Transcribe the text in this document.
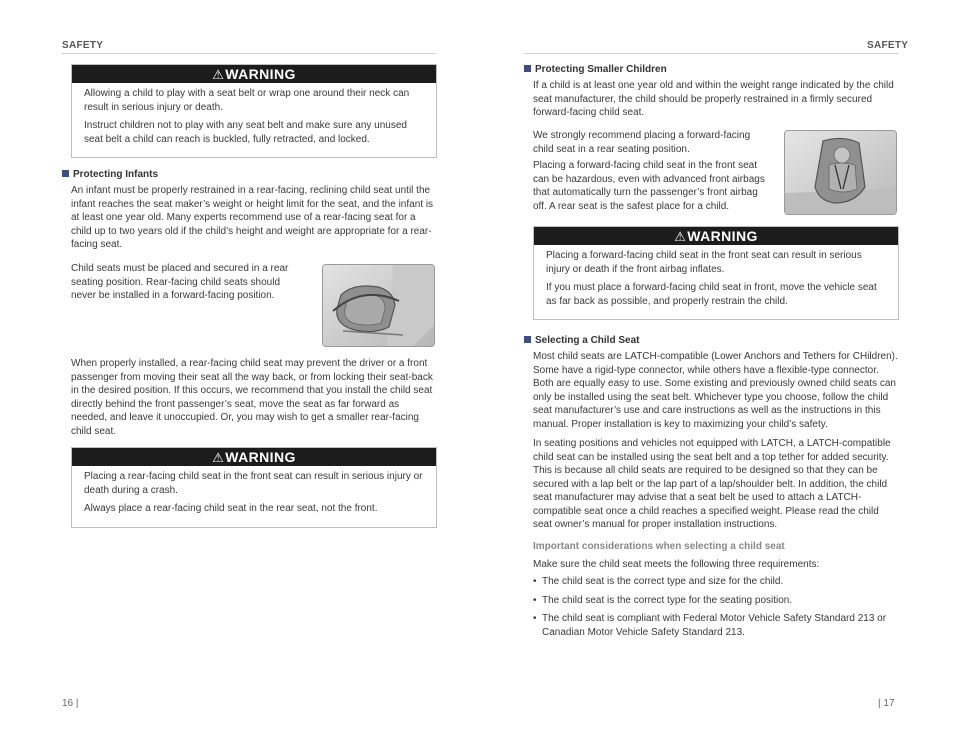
SAFETY
⚠WARNING

Allowing a child to play with a seat belt or wrap one around their neck can result in serious injury or death.

Instruct children not to play with any seat belt and make sure any unused seat belt a child can reach is buckled, fully retracted, and locked.

Protecting Infants

An infant must be properly restrained in a rear-facing, reclining child seat until the infant reaches the seat maker’s weight or height limit for the seat, and the infant is at least one year old. Many experts recommend use of a rear-facing seat for a child up to two years old if the child’s height and weight are appropriate for a rear-facing seat.

Child seats must be placed and secured in a rear seating position. Rear-facing child seats should never be installed in a forward-facing position.

When properly installed, a rear-facing child seat may prevent the driver or a front passenger from moving their seat all the way back, or from locking their seat-back in the desired position. If this occurs, we recommend that you install the child seat directly behind the front passenger’s seat, move the seat as far forward as needed, and leave it unoccupied. Or, you may wish to get a smaller rear-facing child seat.

⚠WARNING

Placing a rear-facing child seat in the front seat can result in serious injury or death during a crash.

Always place a rear-facing child seat in the rear seat, not the front.

16 |
SAFETY
Protecting Smaller Children

If a child is at least one year old and within the weight range indicated by the child seat manufacturer, the child should be properly restrained in a firmly secured forward-facing child seat.

We strongly recommend placing a forward-facing child seat in a rear seating position.

Placing a forward-facing child seat in the front seat can be hazardous, even with advanced front airbags that automatically turn the passenger’s front airbag off. A rear seat is the safest place for a child.

⚠WARNING

Placing a forward-facing child seat in the front seat can result in serious injury or death if the front airbag inflates.

If you must place a forward-facing child seat in front, move the vehicle seat as far back as possible, and properly restrain the child.

Selecting a Child Seat

Most child seats are LATCH-compatible (Lower Anchors and Tethers for CHildren). Some have a rigid-type connector, while others have a flexible-type connector. Both are equally easy to use. Some existing and previously owned child seats can only be installed using the seat belt. Whichever type you choose, follow the child seat manufacturer’s use and care instructions as well as the instructions in this manual. Proper installation is key to maximizing your child’s safety.

In seating positions and vehicles not equipped with LATCH, a LATCH-compatible child seat can be installed using the seat belt and a top tether for added security. This is because all child seats are required to be designed so that they can be secured with a lap belt or the lap part of a lap/shoulder belt. In addition, the child seat manufacturer may advise that a seat belt be used to attach a LATCH-compatible seat once a child reaches a specified weight. Please read the child seat owner’s manual for proper installation instructions.

Important considerations when selecting a child seat

Make sure the child seat meets the following three requirements:

• The child seat is the correct type and size for the child.
• The child seat is the correct type for the seating position.
• The child seat is compliant with Federal Motor Vehicle Safety Standard 213 or Canadian Motor Vehicle Safety Standard 213.
| 17
